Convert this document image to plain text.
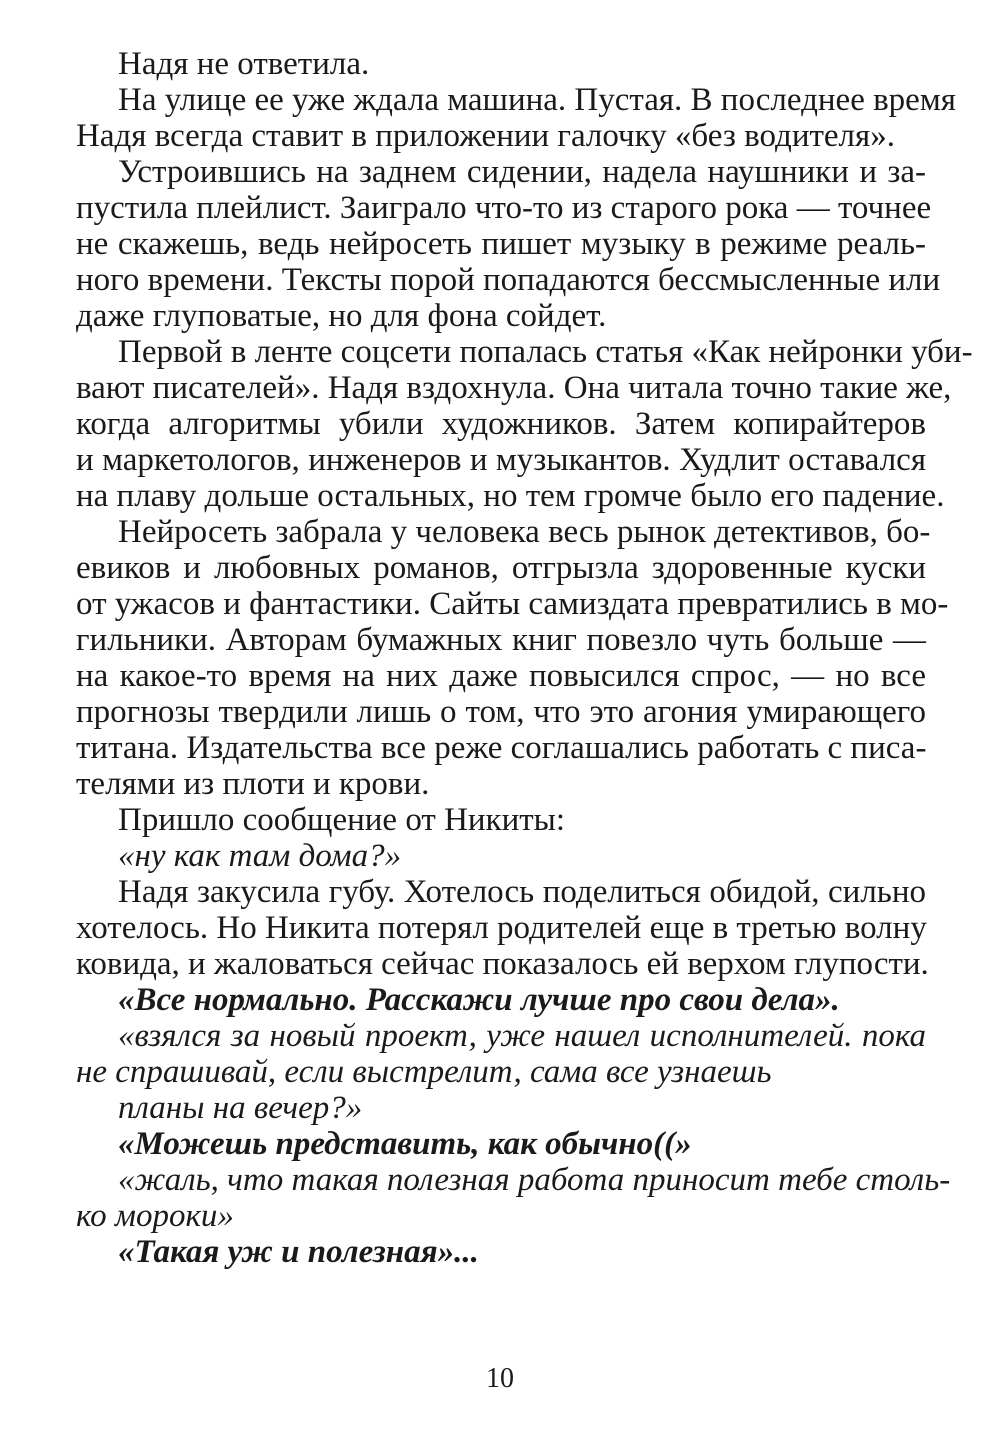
Надя не ответила.

На улице ее уже ждала машина. Пустая. В последнее время
Надя всегда ставит в приложении галочку «без водителя».

Устроившись на заднем сидении, надела наушники и за-
пустила плейлист. Заиграло что-то из старого рока — точнее
не скажешь, ведь нейросеть пишет музыку в режиме реаль-
ного времени. Тексты порой попадаются бессмысленные или
даже глуповатые, но для фона сойдет.

Первой в ленте соцсети попалась статья «Как нейронки уби-
вают писателей». Надя вздохнула. Она читала точно такие же,
когда алгоритмы убили художников. Затем копирайтеров
и маркетологов, инженеров и музыкантов. Худлит оставался
на плаву дольше остальных, но тем громче было его падение.

Нейросеть забрала у человека весь рынок детективов, бо-
евиков и любовных романов, отгрызла здоровенные куски
от ужасов и фантастики. Сайты самиздата превратились в мо-
гильники. Авторам бумажных книг повезло чуть больше —
на какое-то время на них даже повысился спрос, — но все
прогнозы твердили лишь о том, что это агония умирающего
титана. Издательства все реже соглашались работать с писа-
телями из плоти и крови.

Пришло сообщение от Никиты:

«ну как там дома?»

Надя закусила губу. Хотелось поделиться обидой, сильно
хотелось. Но Никита потерял родителей еще в третью волну
ковида, и жаловаться сейчас показалось ей верхом глупости.

«Все нормально. Расскажи лучше про свои дела».

«взялся за новый проект, уже нашел исполнителей. пока
не спрашивай, если выстрелит, сама все узнаешь

планы на вечер?»

«Можешь представить, как обычно((»

«жаль, что такая полезная работа приносит тебе столь-
ко мороки»

«Такая уж и полезная»...

10
